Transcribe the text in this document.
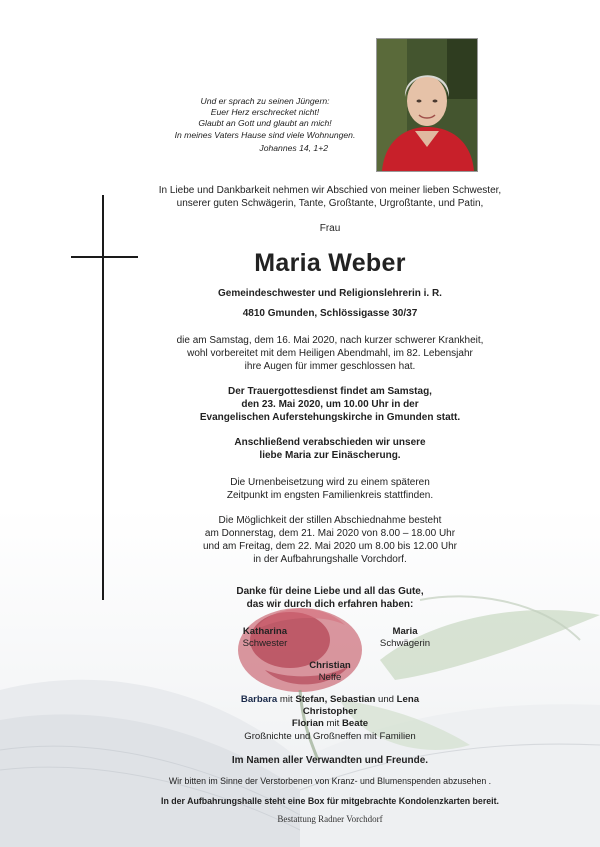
Und er sprach zu seinen Jüngern:
Euer Herz erschrecket nicht!
Glaubt an Gott und glaubt an mich!
In meines Vaters Hause sind viele Wohnungen.
Johannes 14, 1+2
In Liebe und Dankbarkeit nehmen wir Abschied von meiner lieben Schwester,
unserer guten Schwägerin, Tante, Großtante, Urgroßtante, und Patin,
Frau
Maria Weber
Gemeindeschwester und Religionslehrerin i. R.
4810 Gmunden, Schlössigasse 30/37
die am Samstag, dem 16. Mai 2020, nach kurzer schwerer Krankheit,
wohl vorbereitet mit dem Heiligen Abendmahl, im 82. Lebensjahr
ihre Augen für immer geschlossen hat.
Der Trauergottesdienst findet am Samstag,
den 23. Mai 2020, um 10.00 Uhr in der
Evangelischen Auferstehungskirche in Gmunden statt.
Anschließend verabschieden wir unsere
liebe Maria zur Einäscherung.
Die Urnenbeisetzung wird zu einem späteren
Zeitpunkt im engsten Familienkreis stattfinden.
Die Möglichkeit der stillen Abschiednahme besteht
am Donnerstag, dem 21. Mai 2020 von 8.00 – 18.00 Uhr
und am Freitag, dem 22. Mai 2020 um 8.00 bis 12.00 Uhr
in der Aufbahrungshalle Vorchdorf.
Danke für deine Liebe und all das Gute,
das wir durch dich erfahren haben:
Katharina
Schwester
Maria
Schwägerin
Christian
Neffe
Barbara mit Stefan, Sebastian und Lena
Christopher
Florian mit Beate
Großnichte und Großneffen mit Familien
Im Namen aller Verwandten und Freunde.
Wir bitten im Sinne der Verstorbenen von Kranz- und Blumenspenden abzusehen .
In der Aufbahrungshalle steht eine Box für mitgebrachte Kondolenzkarten bereit.
Bestattung Radner Vorchdorf
